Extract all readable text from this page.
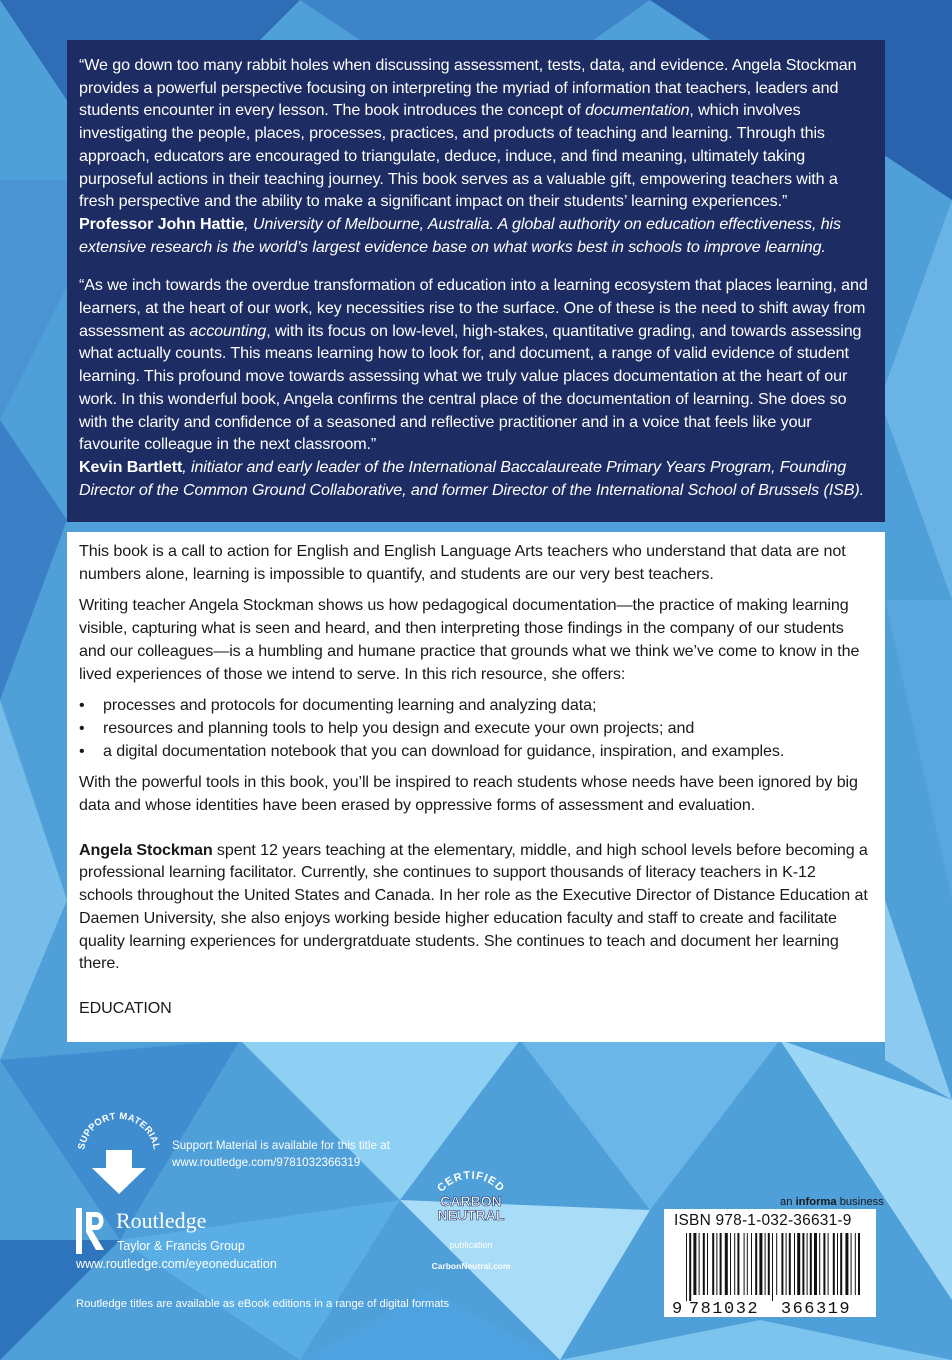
“We go down too many rabbit holes when discussing assessment, tests, data, and evidence. Angela Stockman provides a powerful perspective focusing on interpreting the myriad of information that teachers, leaders and students encounter in every lesson. The book introduces the concept of documentation, which involves investigating the people, places, processes, practices, and products of teaching and learning. Through this approach, educators are encouraged to triangulate, deduce, induce, and find meaning, ultimately taking purposeful actions in their teaching journey. This book serves as a valuable gift, empowering teachers with a fresh perspective and the ability to make a significant impact on their students’ learning experiences.”

Professor John Hattie, University of Melbourne, Australia. A global authority on education effectiveness, his extensive research is the world’s largest evidence base on what works best in schools to improve learning.

“As we inch towards the overdue transformation of education into a learning ecosystem that places learning, and learners, at the heart of our work, key necessities rise to the surface. One of these is the need to shift away from assessment as accounting, with its focus on low-level, high-stakes, quantitative grading, and towards assessing what actually counts. This means learning how to look for, and document, a range of valid evidence of student learning. This profound move towards assessing what we truly value places documentation at the heart of our work. In this wonderful book, Angela confirms the central place of the documentation of learning. She does so with the clarity and confidence of a seasoned and reflective practitioner and in a voice that feels like your favourite colleague in the next classroom.”

Kevin Bartlett, initiator and early leader of the International Baccalaureate Primary Years Program, Founding Director of the Common Ground Collaborative, and former Director of the International School of Brussels (ISB).

This book is a call to action for English and English Language Arts teachers who understand that data are not numbers alone, learning is impossible to quantify, and students are our very best teachers.

Writing teacher Angela Stockman shows us how pedagogical documentation—the practice of making learning visible, capturing what is seen and heard, and then interpreting those findings in the company of our students and our colleagues—is a humbling and humane practice that grounds what we think we’ve come to know in the lived experiences of those we intend to serve. In this rich resource, she offers:

• processes and protocols for documenting learning and analyzing data;
• resources and planning tools to help you design and execute your own projects; and
• a digital documentation notebook that you can download for guidance, inspiration, and examples.

With the powerful tools in this book, you’ll be inspired to reach students whose needs have been ignored by big data and whose identities have been erased by oppressive forms of assessment and evaluation.

Angela Stockman spent 12 years teaching at the elementary, middle, and high school levels before becoming a professional learning facilitator. Currently, she continues to support thousands of literacy teachers in K-12 schools throughout the United States and Canada. In her role as the Executive Director of Distance Education at Daemen University, she also enjoys working beside higher education faculty and staff to create and facilitate quality learning experiences for undergratduate students. She continues to teach and document her learning there.

EDUCATION

SUPPORT MATERIAL Support Material is available for this title at
www.routledge.com/9781032366319
Routledge
Taylor & Francis Group
www.routledge.com/eyeoneducation
Routledge titles are available as eBook editions in a range of digital formats
CERTIFIED
CARBON
NEUTRAL
publication
CarbonNeutral.com
an informa business
9 781032 366319
ISBN 978-1-032-36631-9
